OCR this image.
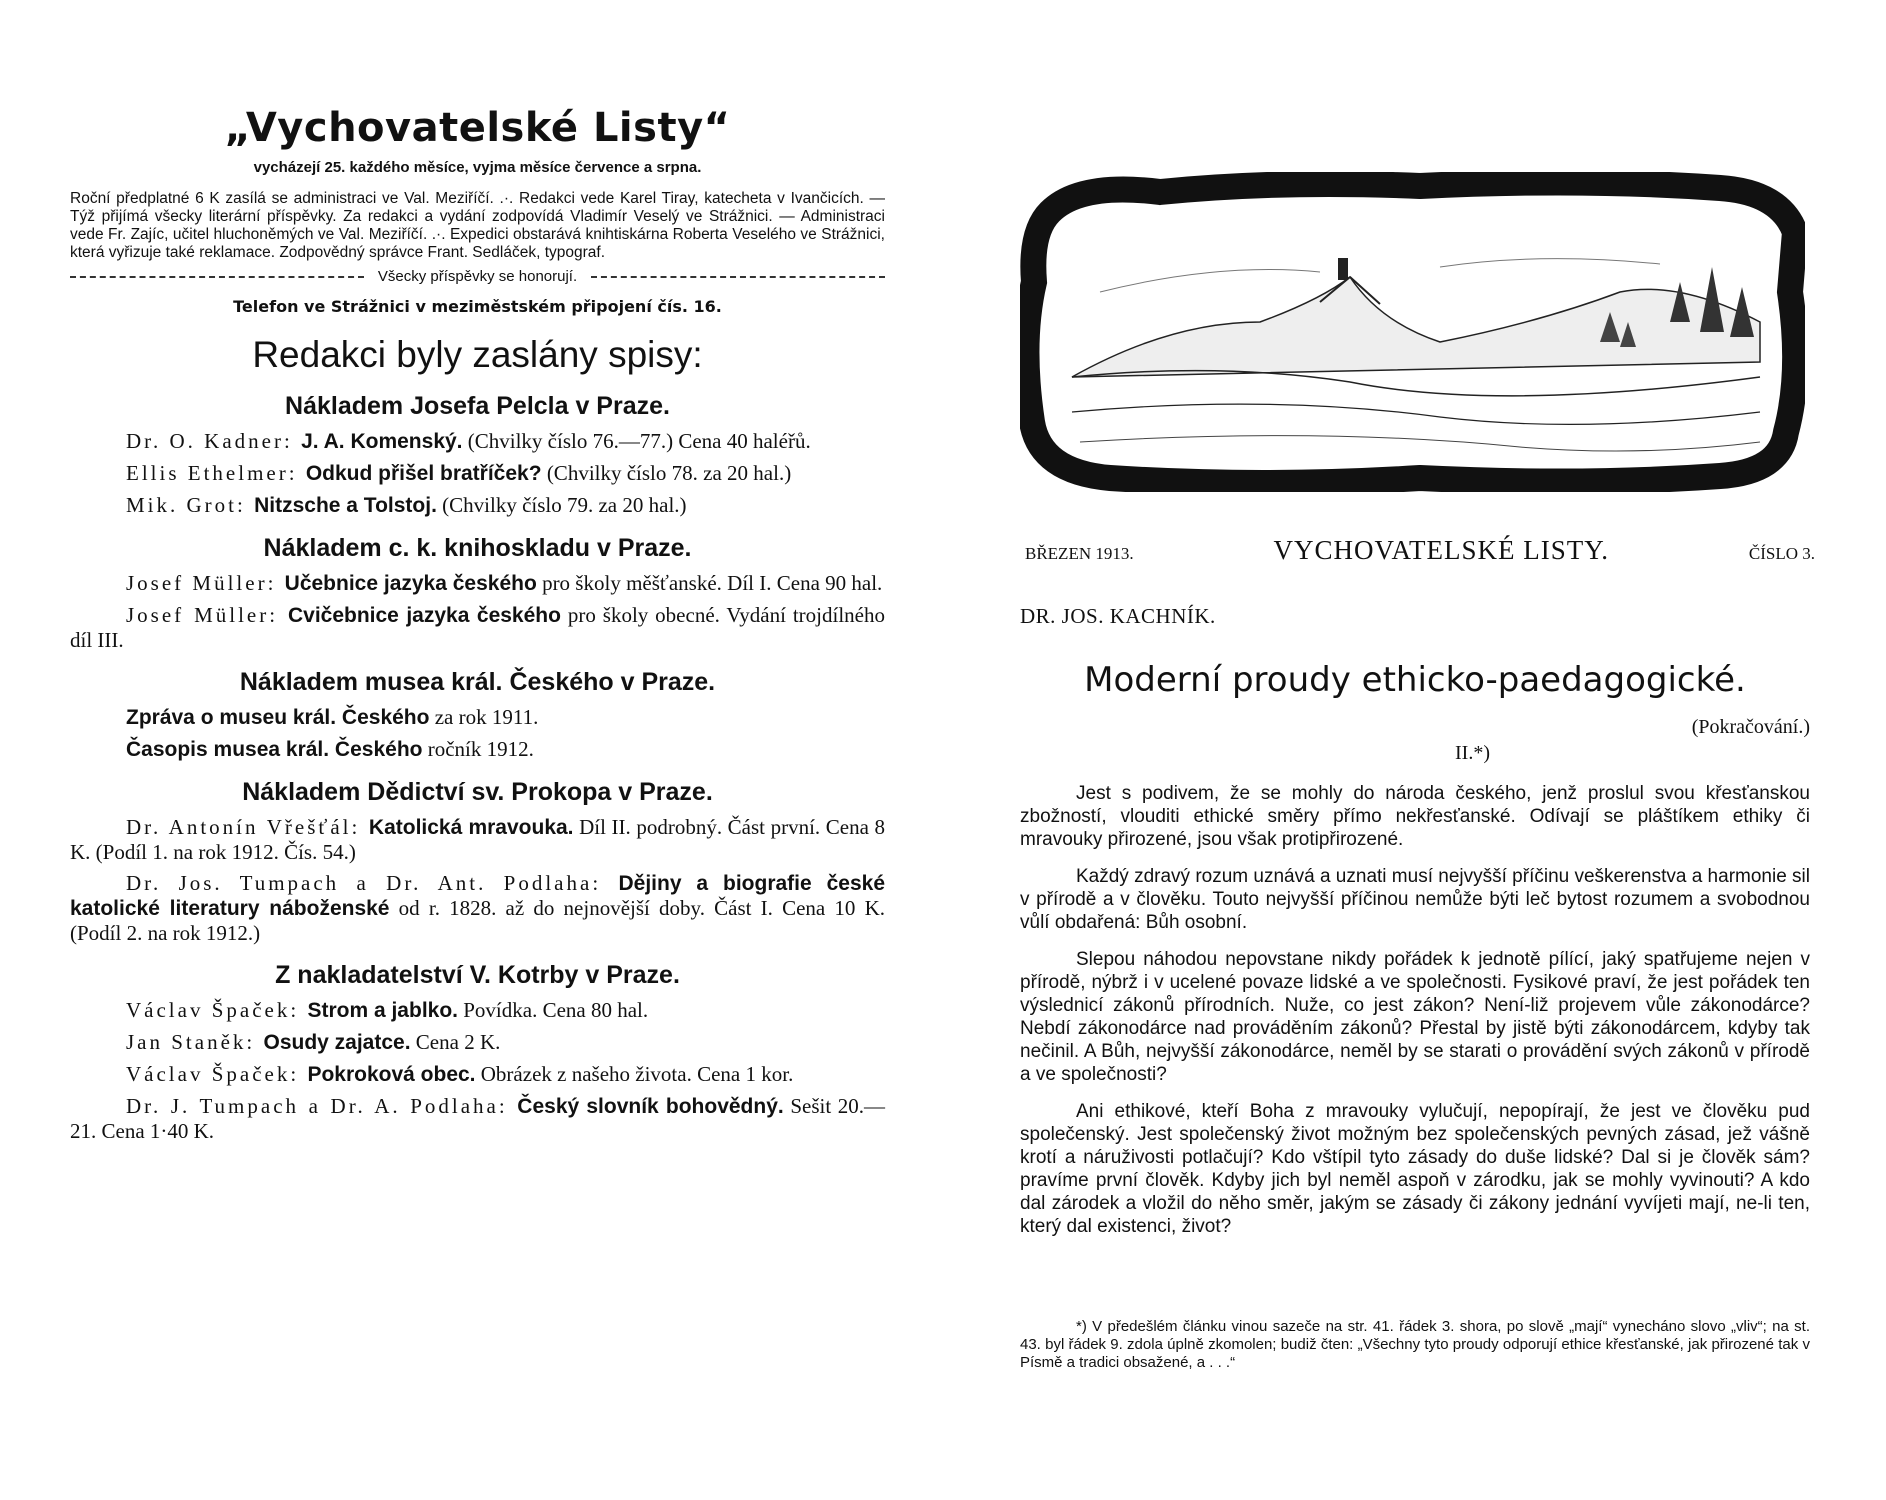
„Vychovatelské Listy“
vycházejí 25. každého měsíce, vyjma měsíce července a srpna.
Roční předplatné 6 K zasílá se administraci ve Val. Meziříčí. .·. Redakci vede Karel Tiray, katecheta v Ivančicích. — Týž přijímá všecky literární příspěvky. Za redakci a vydání zodpovídá Vladimír Veselý ve Strážnici. — Administraci vede Fr. Zajíc, učitel hluchoněmých ve Val. Meziříčí. .·. Expedici obstarává knihtiskárna Roberta Veselého ve Strážnici, která vyřizuje také reklamace. Zodpovědný správce Frant. Sedláček, typograf.
Všecky příspěvky se honorují.
Telefon ve Strážnici v meziměstském připojení čís. 16.
Redakci byly zaslány spisy:
Nákladem Josefa Pelcla v Praze.
Dr. O. Kadner: J. A. Komenský. (Chvilky číslo 76.—77.) Cena 40 haléřů.
Ellis Ethelmer: Odkud přišel bratříček? (Chvilky číslo 78. za 20 hal.)
Mik. Grot: Nitzsche a Tolstoj. (Chvilky číslo 79. za 20 hal.)
Nákladem c. k. knihoskladu v Praze.
Josef Müller: Učebnice jazyka českého pro školy měšťanské. Díl I. Cena 90 hal.
Josef Müller: Cvičebnice jazyka českého pro školy obecné. Vydání trojdílného díl III.
Nákladem musea král. Českého v Praze.
Zpráva o museu král. Českého za rok 1911.
Časopis musea král. Českého ročník 1912.
Nákladem Dědictví sv. Prokopa v Praze.
Dr. Antonín Vřešťál: Katolická mravouka. Díl II. podrobný. Část první. Cena 8 K. (Podíl 1. na rok 1912. Čís. 54.)
Dr. Jos. Tumpach a Dr. Ant. Podlaha: Dějiny a biografie české katolické literatury náboženské od r. 1828. až do nejnovější doby. Část I. Cena 10 K. (Podíl 2. na rok 1912.)
Z nakladatelství V. Kotrby v Praze.
Václav Špaček: Strom a jablko. Povídka. Cena 80 hal.
Jan Staněk: Osudy zajatce. Cena 2 K.
Václav Špaček: Pokroková obec. Obrázek z našeho života. Cena 1 kor.
Dr. J. Tumpach a Dr. A. Podlaha: Český slovník bohovědný. Sešit 20.—21. Cena 1·40 K.
BŘEZEN 1913.	VYCHOVATELSKÉ LISTY.	ČÍSLO 3.
DR. JOS. KACHNÍK.
Moderní proudy ethicko-paedagogické.
(Pokračování.)
II.*)

Jest s podivem, že se mohly do národa českého, jenž proslul svou křesťanskou zbožností, vlouditi ethické směry přímo nekřesťanské. Odívají se pláštíkem ethiky či mravouky přirozené, jsou však protipřirozené.

Každý zdravý rozum uznává a uznati musí nejvyšší příčinu veškerenstva a harmonie sil v přírodě a v člověku. Touto nejvyšší příčinou nemůže býti leč bytost rozumem a svobodnou vůlí obdařená: Bůh osobní.

Slepou náhodou nepovstane nikdy pořádek k jednotě pílící, jaký spatřujeme nejen v přírodě, nýbrž i v ucelené povaze lidské a ve společnosti. Fysikové praví, že jest pořádek ten výslednicí zákonů přírodních. Nuže, co jest zákon? Není-liž projevem vůle zákonodárce? Nebdí zákonodárce nad prováděním zákonů? Přestal by jistě býti zákonodárcem, kdyby tak nečinil. A Bůh, nejvyšší zákonodárce, neměl by se starati o provádění svých zákonů v přírodě a ve společnosti?

Ani ethikové, kteří Boha z mravouky vylučují, nepopírají, že jest ve člověku pud společenský. Jest společenský život možným bez společenských pevných zásad, jež vášně krotí a náruživosti potlačují? Kdo vštípil tyto zásady do duše lidské? Dal si je člověk sám? pravíme první člověk. Kdyby jich byl neměl aspoň v zárodku, jak se mohly vyvinouti? A kdo dal zárodek a vložil do něho směr, jakým se zásady či zákony jednání vyvíjeti mají, ne-li ten, který dal existenci, život?

*) V předešlém článku vinou sazeče na str. 41. řádek 3. shora, po slově „mají“ vynecháno slovo „vliv“; na st. 43. byl řádek 9. zdola úplně zkomolen; budiž čten: „Všechny tyto proudy odporují ethice křesťanské, jak přirozené tak v Písmě a tradici obsažené, a . . .“
